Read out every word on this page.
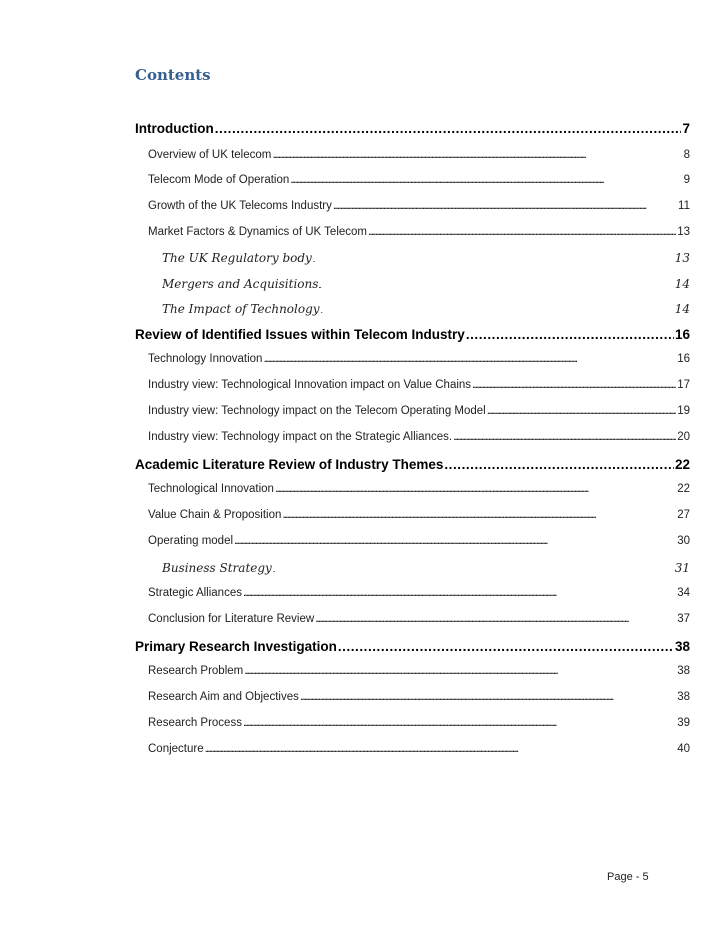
Contents
Introduction . . .	7
Overview of UK telecom . . .	8
Telecom Mode of Operation . . .	9
Growth of the UK Telecoms Industry . . .	11
Market Factors & Dynamics of UK Telecom . . .	13
The UK Regulatory body . . .	13
Mergers and Acquisitions . . .	14
The Impact of Technology . . .	14
Review of Identified Issues within Telecom Industry . . .	16
Technology Innovation . . .	16
Industry view: Technological Innovation impact on Value Chains . . .	17
Industry view: Technology impact on the Telecom Operating Model . . .	19
Industry view: Technology impact on the Strategic Alliances. . . .	20
Academic Literature Review of Industry Themes . . .	22
Technological Innovation . . .	22
Value Chain & Proposition . . .	27
Operating model . . .	30
Business Strategy . . .	31
Strategic Alliances . . .	34
Conclusion for Literature Review . . .	37
Primary Research Investigation . . .	38
Research Problem . . .	38
Research Aim and Objectives . . .	38
Research Process . . .	39
Conjecture . . .	40
Page - 5
